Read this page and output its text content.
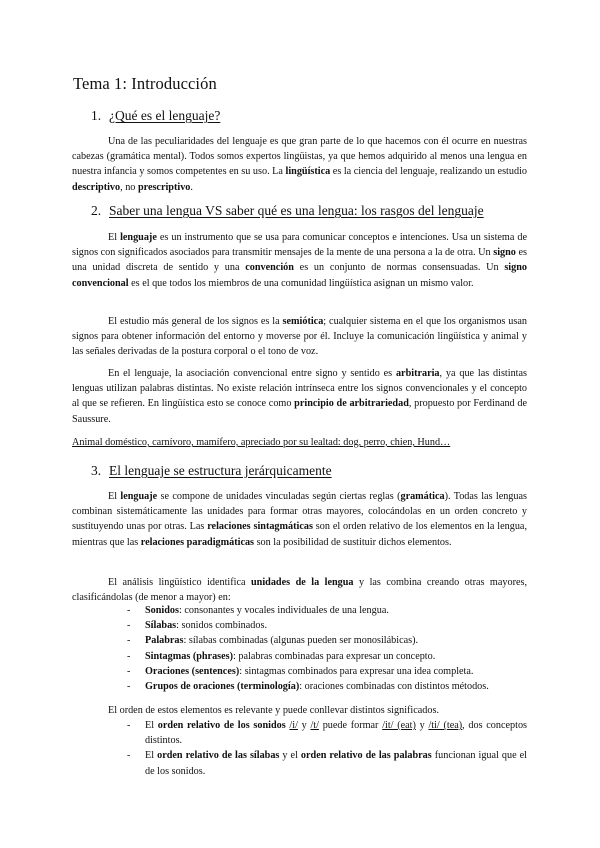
Tema 1: Introducción
1. ¿Qué es el lenguaje?

Una de las peculiaridades del lenguaje es que gran parte de lo que hacemos con él ocurre en nuestras cabezas (gramática mental). Todos somos expertos lingüistas, ya que hemos adquirido al menos una lengua en nuestra infancia y somos competentes en su uso. La lingüística es la ciencia del lenguaje, realizando un estudio descriptivo, no prescriptivo.

2. Saber una lengua VS saber qué es una lengua: los rasgos del lenguaje

El lenguaje es un instrumento que se usa para comunicar conceptos e intenciones. Usa un sistema de signos con significados asociados para transmitir mensajes de la mente de una persona a la de otra. Un signo es una unidad discreta de sentido y una convención es un conjunto de normas consensuadas. Un signo convencional es el que todos los miembros de una comunidad lingüística asignan un mismo valor.

El estudio más general de los signos es la semiótica; cualquier sistema en el que los organismos usan signos para obtener información del entorno y moverse por él. Incluye la comunicación lingüística y animal y las señales derivadas de la postura corporal o el tono de voz.

En el lenguaje, la asociación convencional entre signo y sentido es arbitraria, ya que las distintas lenguas utilizan palabras distintas. No existe relación intrínseca entre los signos convencionales y el concepto al que se refieren. En lingüística esto se conoce como principio de arbitrariedad, propuesto por Ferdinand de Saussure.

Animal doméstico, carnívoro, mamífero, apreciado por su lealtad: dog, perro, chien, Hund…

3. El lenguaje se estructura jerárquicamente

El lenguaje se compone de unidades vinculadas según ciertas reglas (gramática). Todas las lenguas combinan sistemáticamente las unidades para formar otras mayores, colocándolas en un orden concreto y sustituyendo unas por otras. Las relaciones sintagmáticas son el orden relativo de los elementos en la lengua, mientras que las relaciones paradigmáticas son la posibilidad de sustituir dichos elementos.

El análisis lingüístico identifica unidades de la lengua y las combina creando otras mayores, clasificándolas (de menor a mayor) en:

-	Sonidos: consonantes y vocales individuales de una lengua.
-	Sílabas: sonidos combinados.
-	Palabras: sílabas combinadas (algunas pueden ser monosilábicas).
-	Sintagmas (phrases): palabras combinadas para expresar un concepto.
-	Oraciones (sentences): sintagmas combinados para expresar una idea completa.
-	Grupos de oraciones (terminología): oraciones combinadas con distintos métodos.

El orden de estos elementos es relevante y puede conllevar distintos significados.

-	El orden relativo de los sonidos /i/ y /t/ puede formar /it/ (eat) y /ti/ (tea), dos conceptos distintos.
-	El orden relativo de las sílabas y el orden relativo de las palabras funcionan igual que el de los sonidos.
